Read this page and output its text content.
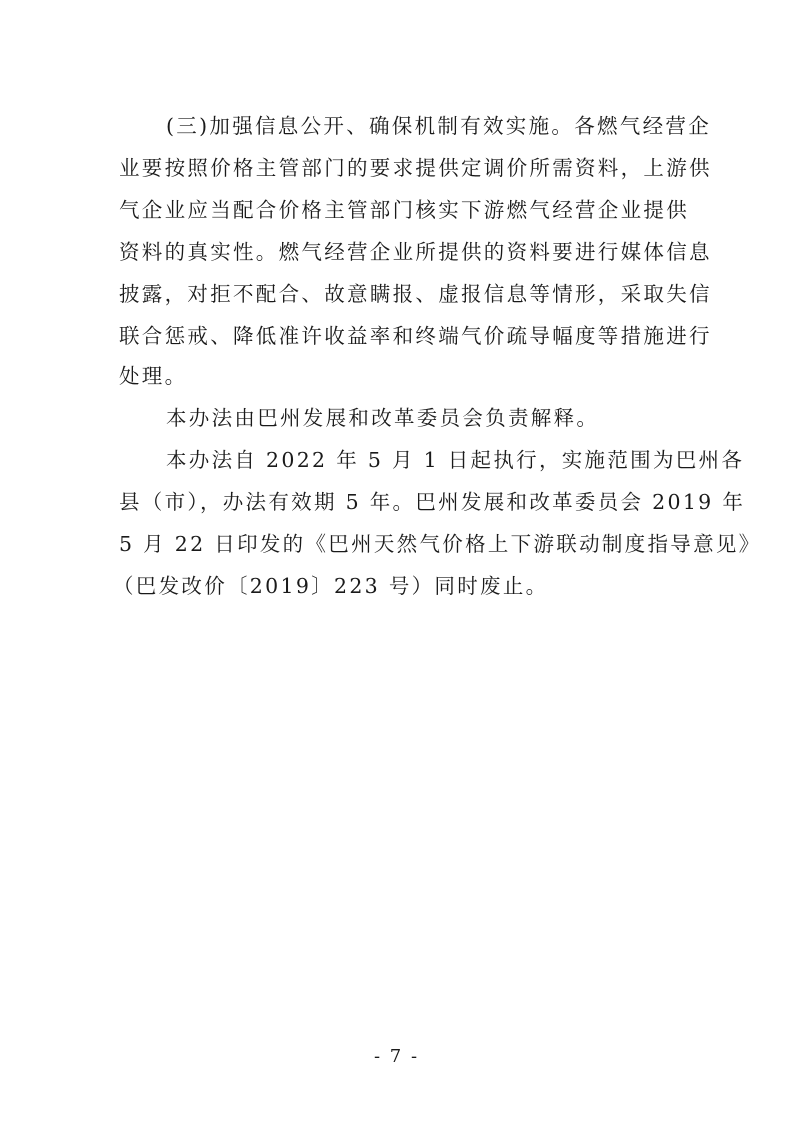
(三)加强信息公开、确保机制有效实施。各燃气经营企
业要按照价格主管部门的要求提供定调价所需资料，上游供
气企业应当配合价格主管部门核实下游燃气经营企业提供
资料的真实性。燃气经营企业所提供的资料要进行媒体信息
披露，对拒不配合、故意瞒报、虚报信息等情形，采取失信
联合惩戒、降低准许收益率和终端气价疏导幅度等措施进行
处理。
本办法由巴州发展和改革委员会负责解释。
本办法自 2022 年 5 月 1 日起执行，实施范围为巴州各
县（市），办法有效期 5 年。巴州发展和改革委员会 2019 年
5 月 22 日印发的《巴州天然气价格上下游联动制度指导意见》
（巴发改价〔2019〕223 号）同时废止。
- 7 -
